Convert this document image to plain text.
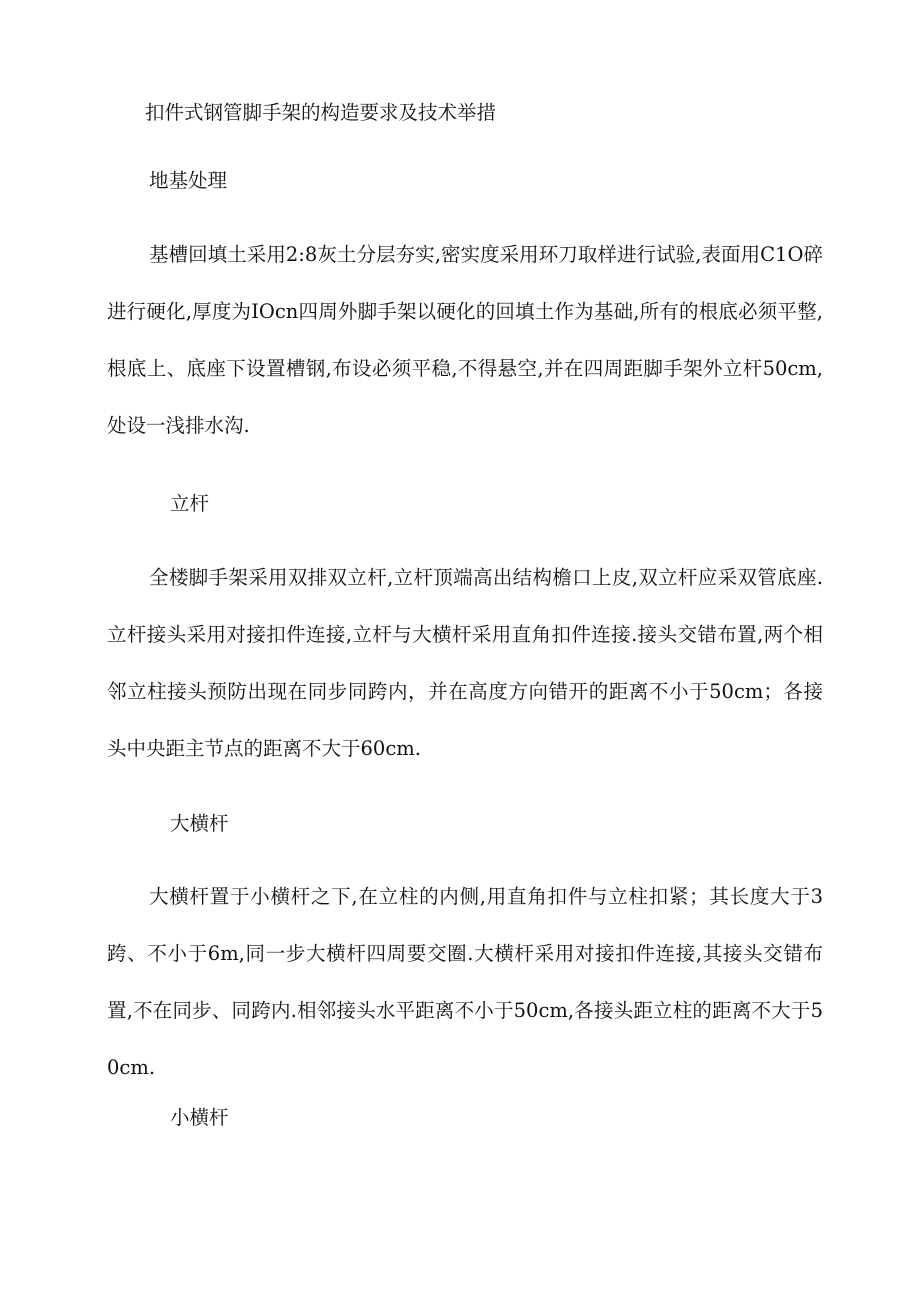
扣件式钢管脚手架的构造要求及技术举措
地基处理
基槽回填土采用2:8灰土分层夯实,密实度采用环刀取样进行试验,表面用C1O碎进行硬化,厚度为IOcn四周外脚手架以硬化的回填土作为基础,所有的根底必须平整,根底上、底座下设置槽钢,布设必须平稳,不得悬空,并在四周距脚手架外立杆50cm,处设一浅排水沟.
立杆
全楼脚手架采用双排双立杆,立杆顶端高出结构檐口上皮,双立杆应采双管底座.立杆接头采用对接扣件连接,立杆与大横杆采用直角扣件连接.接头交错布置,两个相邻立柱接头预防出现在同步同跨内，并在高度方向错开的距离不小于50cm；各接头中央距主节点的距离不大于60cm.
大横杆
大横杆置于小横杆之下,在立柱的内侧,用直角扣件与立柱扣紧；其长度大于3跨、不小于6m,同一步大横杆四周要交圈.大横杆采用对接扣件连接,其接头交错布置,不在同步、同跨内.相邻接头水平距离不小于50cm,各接头距立柱的距离不大于50cm.
小横杆
